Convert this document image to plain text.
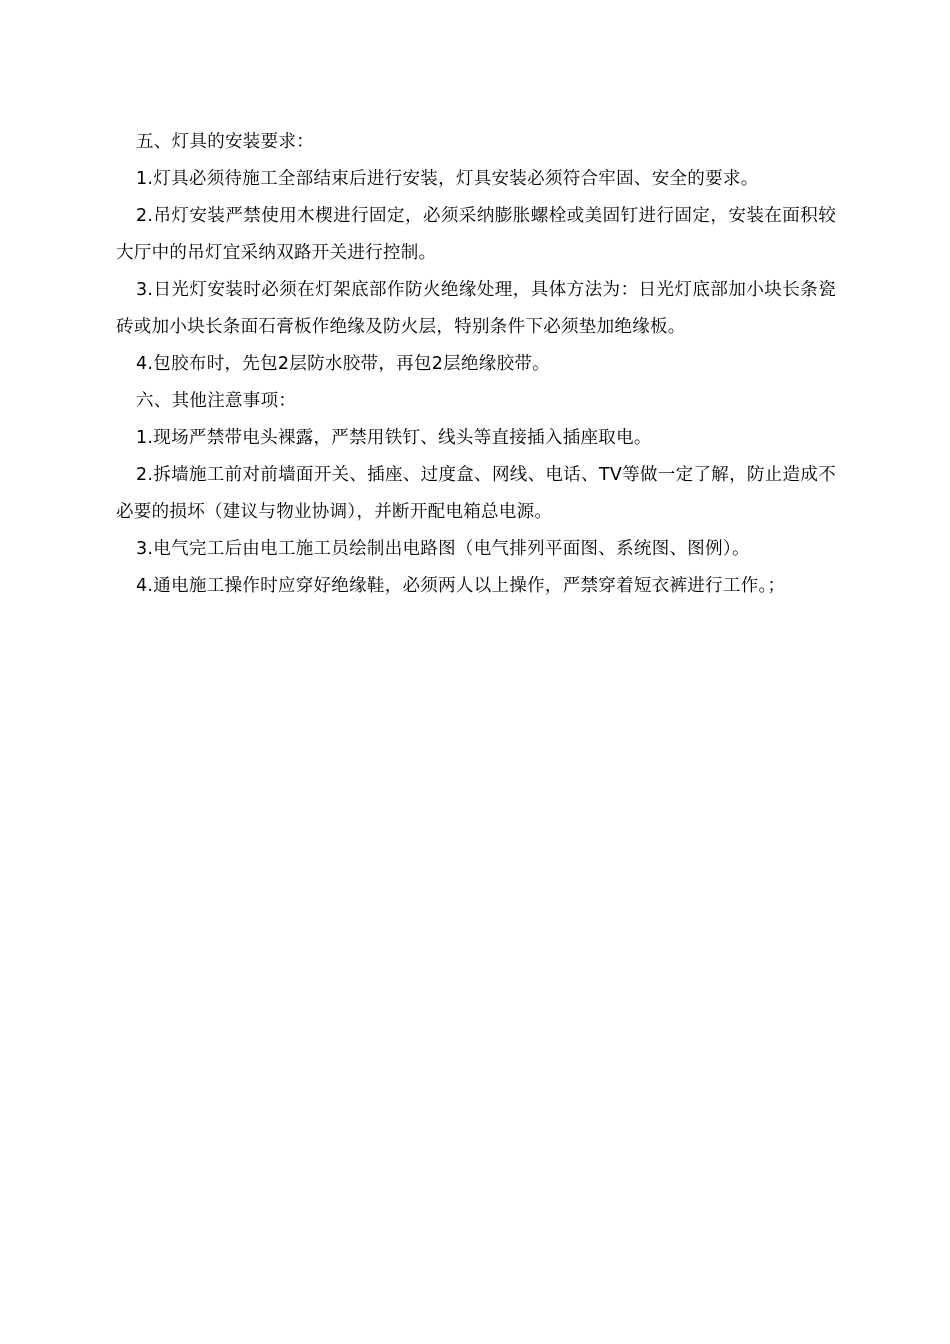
五、灯具的安装要求：

1.灯具必须待施工全部结束后进行安装，灯具安装必须符合牢固、安全的要求。

2.吊灯安装严禁使用木楔进行固定，必须采纳膨胀螺栓或美固钉进行固定，安装在面积较大厅中的吊灯宜采纳双路开关进行控制。

3.日光灯安装时必须在灯架底部作防火绝缘处理，具体方法为：日光灯底部加小块长条瓷砖或加小块长条面石膏板作绝缘及防火层，特别条件下必须垫加绝缘板。

4.包胶布时，先包2层防水胶带，再包2层绝缘胶带。

六、其他注意事项：

1.现场严禁带电头裸露，严禁用铁钉、线头等直接插入插座取电。

2.拆墙施工前对前墙面开关、插座、过度盒、网线、电话、TV等做一定了解，防止造成不必要的损坏（建议与物业协调），并断开配电箱总电源。

3.电气完工后由电工施工员绘制出电路图（电气排列平面图、系统图、图例）。

4.通电施工操作时应穿好绝缘鞋，必须两人以上操作，严禁穿着短衣裤进行工作。；
